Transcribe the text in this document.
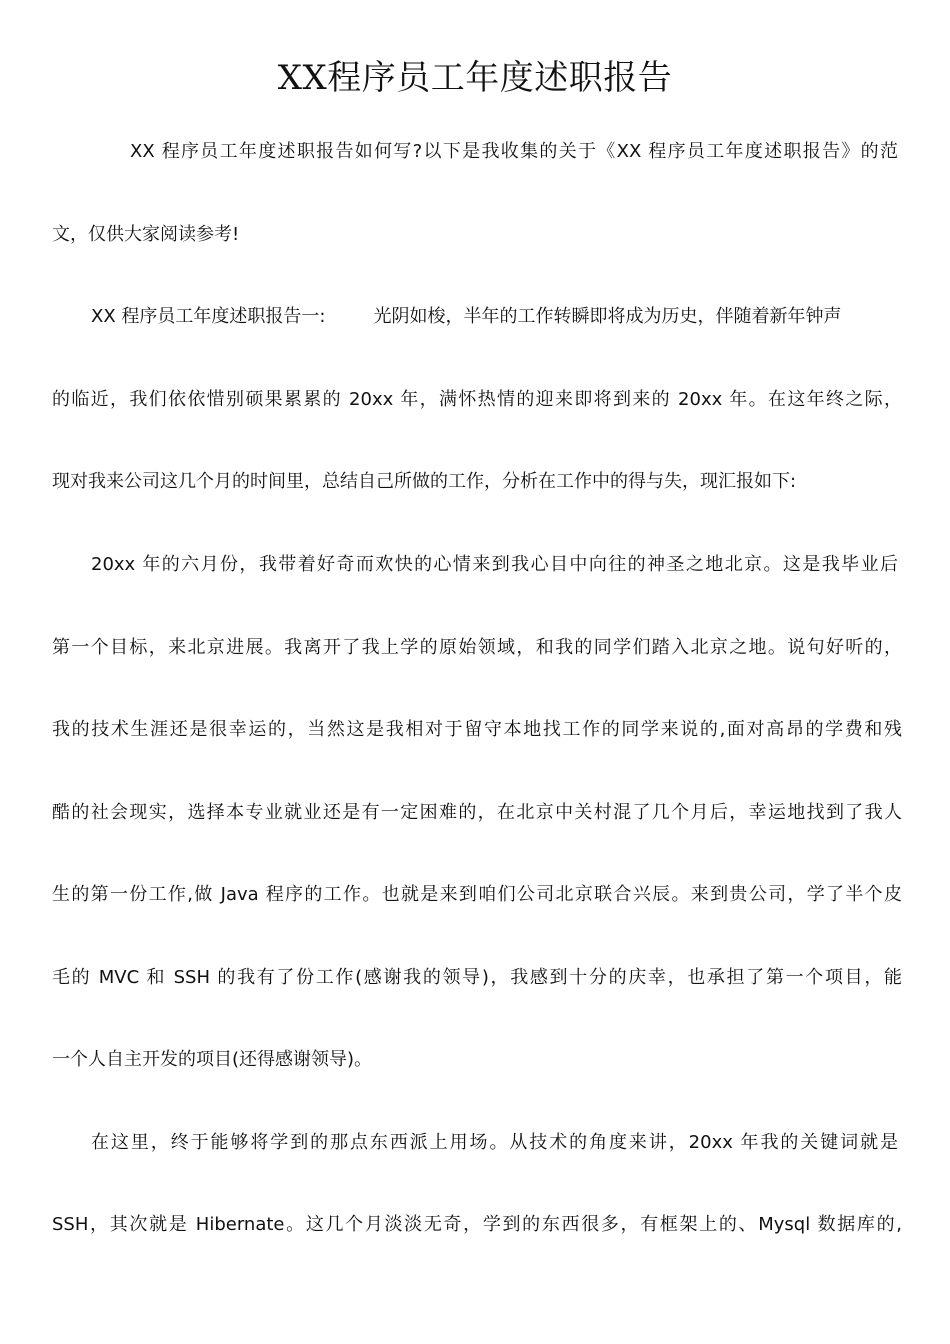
XX程序员工年度述职报告

XX 程序员工年度述职报告如何写?以下是我收集的关于《XX 程序员工年度述职报告》的范

文，仅供大家阅读参考!

XX 程序员工年度述职报告一:	光阴如梭，半年的工作转瞬即将成为历史，伴随着新年钟声

的临近，我们依依惜别硕果累累的 20xx 年，满怀热情的迎来即将到来的 20xx 年。在这年终之际，

现对我来公司这几个月的时间里，总结自己所做的工作，分析在工作中的得与失，现汇报如下:

20xx 年的六月份，我带着好奇而欢快的心情来到我心目中向往的神圣之地北京。这是我毕业后

第一个目标，来北京进展。我离开了我上学的原始领域，和我的同学们踏入北京之地。说句好听的，

我的技术生涯还是很幸运的，当然这是我相对于留守本地找工作的同学来说的,面对高昂的学费和残

酷的社会现实，选择本专业就业还是有一定困难的，在北京中关村混了几个月后，幸运地找到了我人

生的第一份工作,做 Java 程序的工作。也就是来到咱们公司北京联合兴辰。来到贵公司，学了半个皮

毛的 MVC 和 SSH 的我有了份工作(感谢我的领导)，我感到十分的庆幸，也承担了第一个项目，能

一个人自主开发的项目(还得感谢领导)。

在这里，终于能够将学到的那点东西派上用场。从技术的角度来讲，20xx 年我的关键词就是

SSH，其次就是 Hibernate。这几个月淡淡无奇，学到的东西很多，有框架上的、Mysql 数据库的,
